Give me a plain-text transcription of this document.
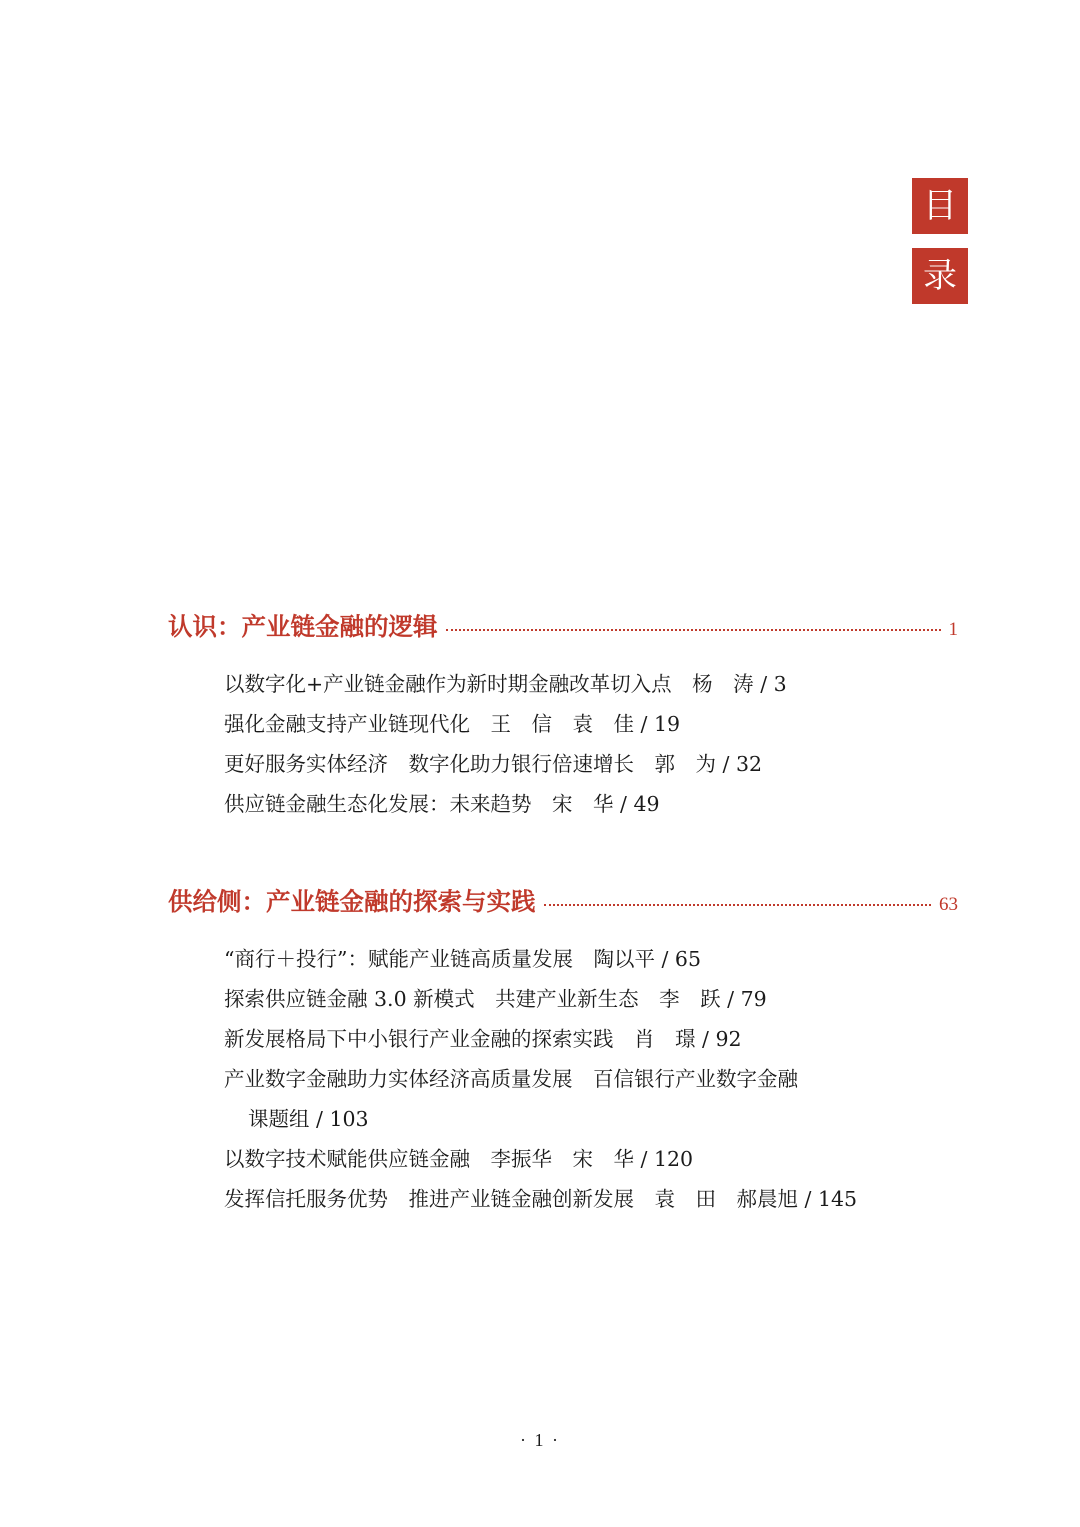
目
录
认识：产业链金融的逻辑	1
以数字化+产业链金融作为新时期金融改革切入点　杨　涛 / 3
强化金融支持产业链现代化　王　信　袁　佳 / 19
更好服务实体经济　数字化助力银行倍速增长　郭　为 / 32
供应链金融生态化发展：未来趋势　宋　华 / 49
供给侧：产业链金融的探索与实践	63
“商行＋投行”：赋能产业链高质量发展　陶以平 / 65
探索供应链金融 3.0 新模式　共建产业新生态　李　跃 / 79
新发展格局下中小银行产业金融的探索实践　肖　璟 / 92
产业数字金融助力实体经济高质量发展　百信银行产业数字金融
课题组 / 103
以数字技术赋能供应链金融　李振华　宋　华 / 120
发挥信托服务优势　推进产业链金融创新发展　袁　田　郝晨旭 / 145
· 1 ·
